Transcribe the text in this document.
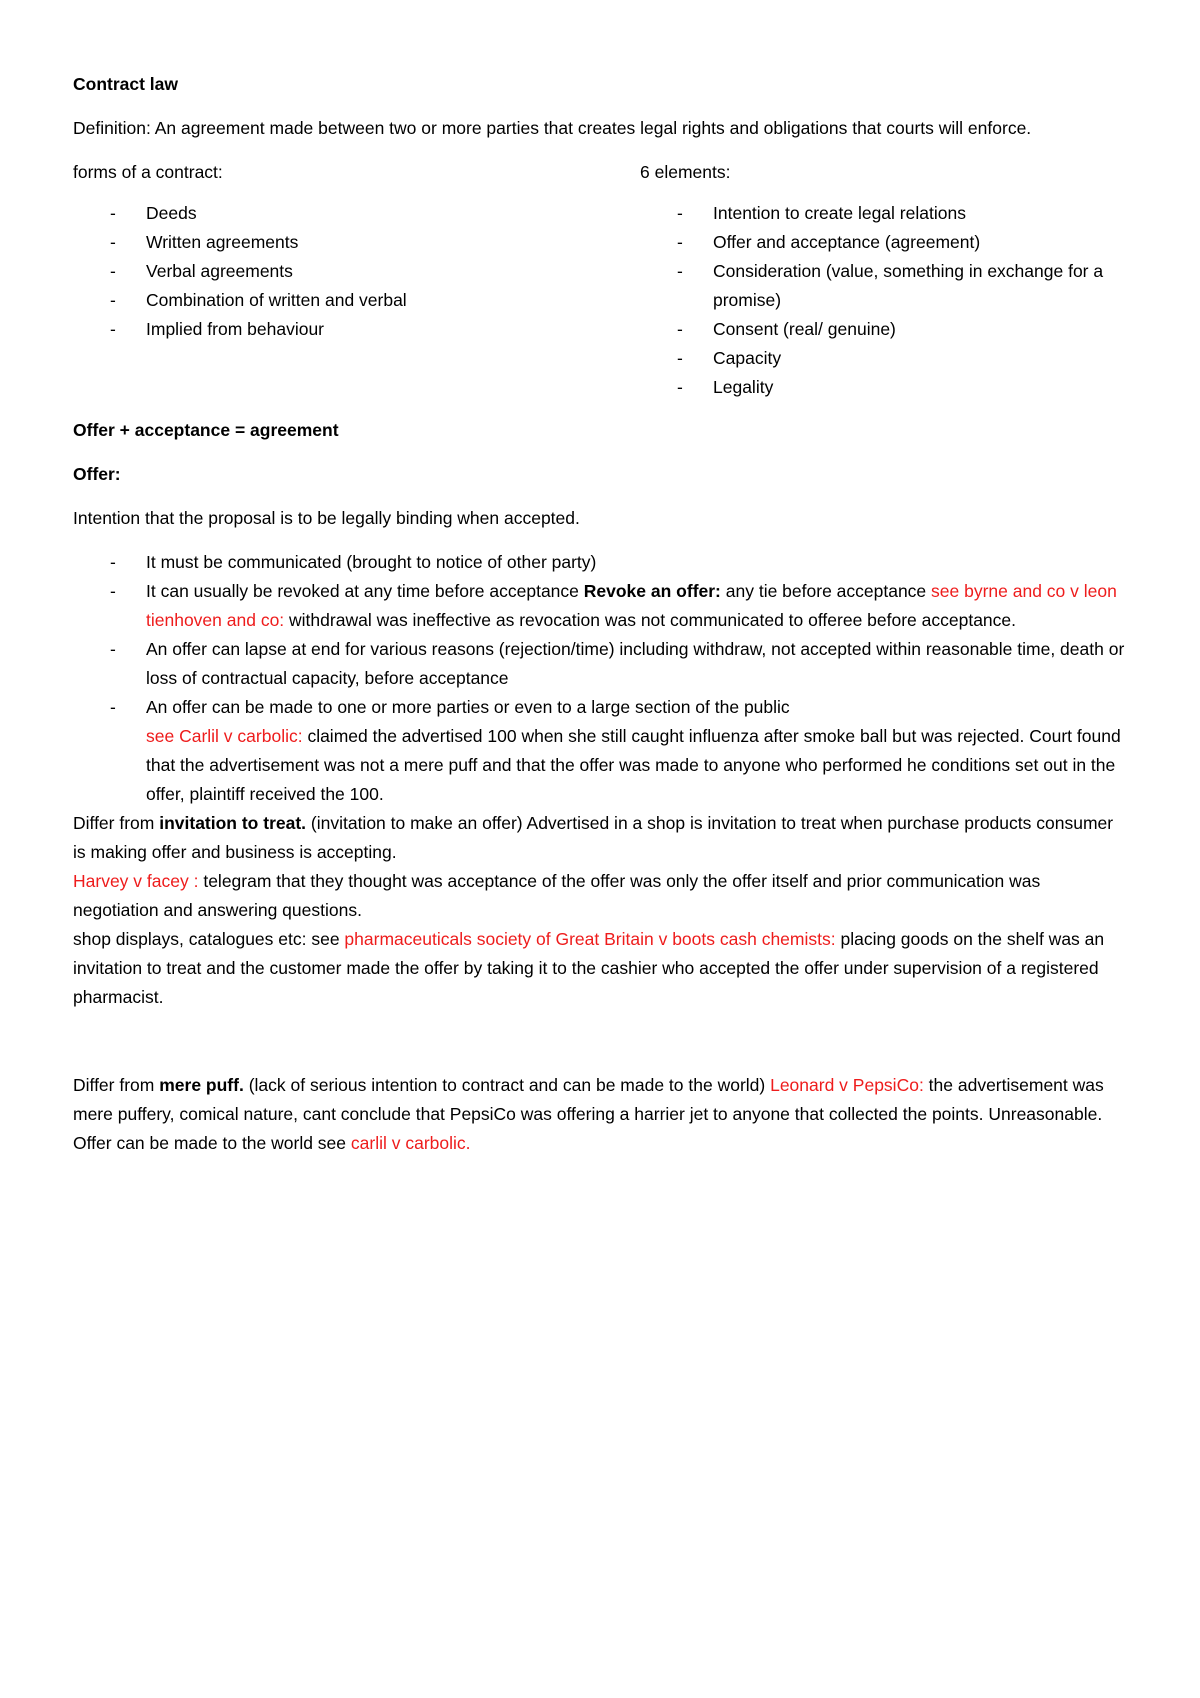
Contract law

Definition: An agreement made between two or more parties that creates legal rights and obligations that courts will enforce.

forms of a contract:
- Deeds
- Written agreements
- Verbal agreements
- Combination of written and verbal
- Implied from behaviour
6 elements:
- Intention to create legal relations
- Offer and acceptance (agreement)
- Consideration (value, something in exchange for a promise)
- Consent (real/ genuine)
- Capacity
- Legality

Offer + acceptance = agreement

Offer:

Intention that the proposal is to be legally binding when accepted.

- It must be communicated (brought to notice of other party)
- It can usually be revoked at any time before acceptance Revoke an offer: any tie before acceptance see byrne and co v leon tienhoven and co: withdrawal was ineffective as revocation was not communicated to offeree before acceptance.
- An offer can lapse at end for various reasons (rejection/time) including withdraw, not accepted within reasonable time, death or loss of contractual capacity, before acceptance
- An offer can be made to one or more parties or even to a large section of the public
see Carlil v carbolic: claimed the advertised 100 when she still caught influenza after smoke ball but was rejected. Court found that the advertisement was not a mere puff and that the offer was made to anyone who performed he conditions set out in the offer, plaintiff received the 100.

Differ from invitation to treat. (invitation to make an offer) Advertised in a shop is invitation to treat when purchase products consumer is making offer and business is accepting.
Harvey v facey : telegram that they thought was acceptance of the offer was only the offer itself and prior communication was negotiation and answering questions.
shop displays, catalogues etc: see pharmaceuticals society of Great Britain v boots cash chemists: placing goods on the shelf was an invitation to treat and the customer made the offer by taking it to the cashier who accepted the offer under supervision of a registered pharmacist.

Differ from mere puff. (lack of serious intention to contract and can be made to the world) Leonard v PepsiCo: the advertisement was mere puffery, comical nature, cant conclude that PepsiCo was offering a harrier jet to anyone that collected the points. Unreasonable. Offer can be made to the world see carlil v carbolic.
